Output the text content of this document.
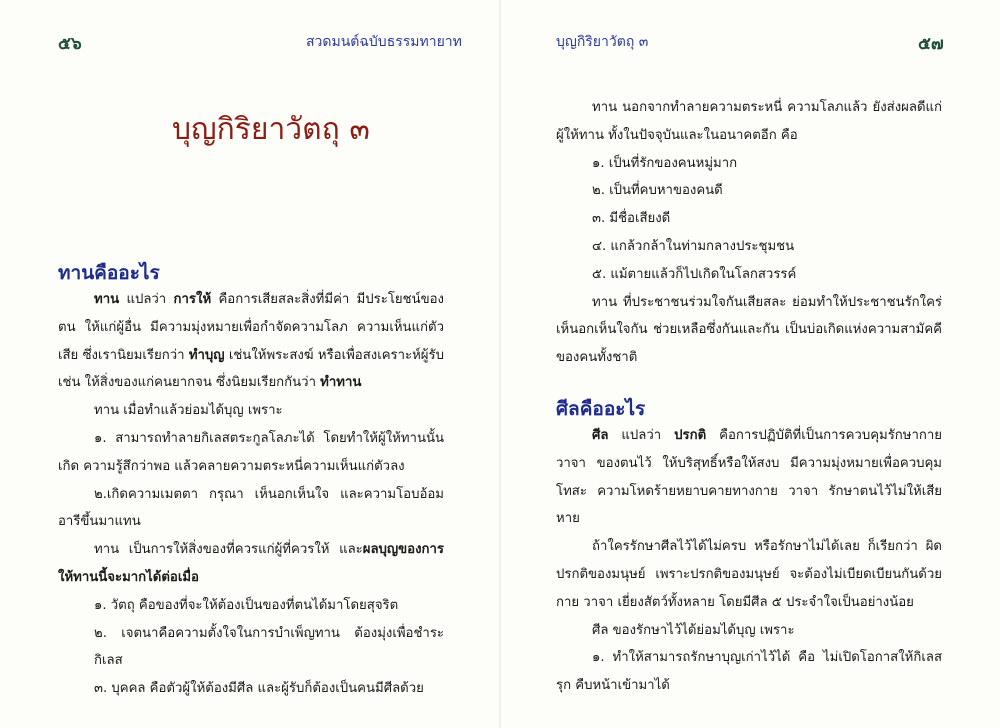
๕๖	สวดมนต์ฉบับธรรมทายาท
บุญกิริยาวัตถุ ๓
ทานคืออะไร

ทาน แปลว่า การให้ คือการเสียสละสิ่งที่มีค่า มีประโยชน์ของตน ให้แก่ผู้อื่น มีความมุ่งหมายเพื่อกำจัดความโลภ ความเห็นแก่ตัวเสีย ซึ่งเรานิยมเรียกว่า ทำบุญ เช่นให้พระสงฆ์ หรือเพื่อสงเคราะห์ผู้รับเช่น ให้สิ่งของแก่คนยากจน ซึ่งนิยมเรียกกันว่า ทำทาน

ทาน เมื่อทำแล้วย่อมได้บุญ เพราะ

๑. สามารถทำลายกิเลสตระกูลโลภะได้ โดยทำให้ผู้ให้ทานนั้นเกิด ความรู้สึกว่าพอ แล้วคลายความตระหนี่ความเห็นแก่ตัวลง

๒.เกิดความเมตตา กรุณา เห็นอกเห็นใจ และความโอบอ้อม อารีขึ้นมาแทน

ทาน เป็นการให้สิ่งของที่ควรแก่ผู้ที่ควรให้ และผลบุญของการให้ทานนี้จะมากได้ต่อเมื่อ

๑. วัตถุ คือของที่จะให้ต้องเป็นของที่ตนได้มาโดยสุจริต

๒. เจตนาคือความตั้งใจในการบำเพ็ญทาน ต้องมุ่งเพื่อชำระกิเลส

๓. บุคคล คือตัวผู้ให้ต้องมีศีล และผู้รับก็ต้องเป็นคนมีศีลด้วย

บุญกิริยาวัตถุ ๓	๕๗

ทาน นอกจากทำลายความตระหนี่ ความโลภแล้ว ยังส่งผลดีแก่ ผู้ให้ทาน ทั้งในปัจจุบันและในอนาคตอีก คือ

๑. เป็นที่รักของคนหมู่มาก

๒. เป็นที่คบหาของคนดี

๓. มีชื่อเสียงดี

๔. แกล้วกล้าในท่ามกลางประชุมชน

๕. แม้ตายแล้วก็ไปเกิดในโลกสวรรค์

ทาน ที่ประชาชนร่วมใจกันเสียสละ ย่อมทำให้ประชาชนรักใคร่ เห็นอกเห็นใจกัน ช่วยเหลือซึ่งกันและกัน เป็นบ่อเกิดแห่งความสามัคคี ของคนทั้งชาติ

ศีลคืออะไร

ศีล แปลว่า ปรกติ คือการปฏิบัติที่เป็นการควบคุมรักษากายวาจา ของตนไว้ ให้บริสุทธิ์หรือให้สงบ มีความมุ่งหมายเพื่อควบคุมโทสะ ความโหดร้ายหยาบคายทางกาย วาจา รักษาตนไว้ไม่ให้เสียหาย

ถ้าใครรักษาศีลไว้ได้ไม่ครบ หรือรักษาไม่ได้เลย ก็เรียกว่า ผิด ปรกติของมนุษย์ เพราะปรกติของมนุษย์ จะต้องไม่เบียดเบียนกันด้วย กาย วาจา เยี่ยงสัตว์ทั้งหลาย โดยมีศีล ๕ ประจำใจเป็นอย่างน้อย

ศีล ของรักษาไว้ได้ย่อมได้บุญ เพราะ

๑. ทำให้สามารถรักษาบุญเก่าไว้ได้ คือ ไม่เปิดโอกาสให้กิเลสรุก คืบหน้าเข้ามาได้
